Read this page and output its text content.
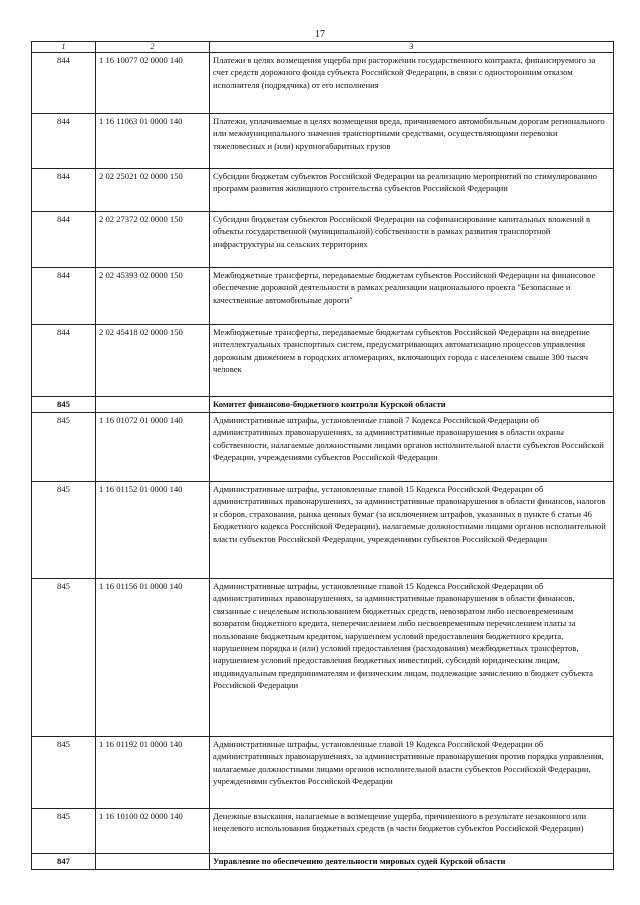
17
1	2	3
844	1 16 10077 02 0000 140	Платежи в целях возмещения ущерба при расторжении государственного контракта, финансируемого за счет средств дорожного фонда субъекта Российской Федерации, в связи с односторонним отказом исполнителя (подрядчика) от его исполнения
844	1 16 11063 01 0000 140	Платежи, уплачиваемые в целях возмещения вреда, причиняемого автомобильным дорогам регионального или межмуниципального значения транспортными средствами, осуществляющими перевозки тяжеловесных и (или) крупногабаритных грузов
844	2 02 25021 02 0000 150	Субсидии бюджетам субъектов Российской Федерации на реализацию мероприятий по стимулированию программ развития жилищного строительства субъектов Российской Федерации
844	2 02 27372 02 0000 150	Субсидии бюджетам субъектов Российской Федерации на софинансирование капитальных вложений в объекты государственной (муниципальной) собственности в рамках развития транспортной инфраструктуры на сельских территориях
844	2 02 45393 02 0000 150	Межбюджетные трансферты, передаваемые бюджетам субъектов Российской Федерации на финансовое обеспечение дорожной деятельности в рамках реализации национального проекта "Безопасные и качественные автомобильные дороги"
844	2 02 45418 02 0000 150	Межбюджетные трансферты, передаваемые бюджетам субъектов Российской Федерации на внедрение интеллектуальных транспортных систем, предусматривающих автоматизацию процессов управления дорожным движением в городских агломерациях, включающих города с населением свыше 300 тысяч человек
845		Комитет финансово-бюджетного контроля Курской области
845	1 16 01072 01 0000 140	Административные штрафы, установленные главой 7 Кодекса Российской Федерации об административных правонарушениях, за административные правонарушения в области охраны собственности, налагаемые должностными лицами органов исполнительной власти субъектов Российской Федерации, учреждениями субъектов Российской Федерации
845	1 16 01152 01 0000 140	Административные штрафы, установленные главой 15 Кодекса Российской Федерации об административных правонарушениях, за административные правонарушения в области финансов, налогов и сборов, страхования, рынка ценных бумаг (за исключением штрафов, указанных в пункте 6 статьи 46 Бюджетного кодекса Российской Федерации), налагаемые должностными лицами органов исполнительной власти субъектов Российской Федерации, учреждениями субъектов Российской Федерации
845	1 16 01156 01 0000 140	Административные штрафы, установленные главой 15 Кодекса Российской Федерации об административных правонарушениях, за административные правонарушения в области финансов, связанные с нецелевым использованием бюджетных средств, невозвратом либо несвоевременным возвратом бюджетного кредита, неперечислением либо несвоевременным перечислением платы за пользование бюджетным кредитом, нарушением условий предоставления бюджетного кредита, нарушением порядка и (или) условий предоставления (расходования) межбюджетных трансфертов, нарушением условий предоставления бюджетных инвестиций, субсидий юридическим лицам, индивидуальным предпринимателям и физическим лицам, подлежащие зачислению в бюджет субъекта Российской Федерации
845	1 16 01192 01 0000 140	Административные штрафы, установленные главой 19 Кодекса Российской Федерации об административных правонарушениях, за административные правонарушения против порядка управления, налагаемые должностными лицами органов исполнительной власти субъектов Российской Федерации, учреждениями субъектов Российской Федерации
845	1 16 10100 02 0000 140	Денежные взыскания, налагаемые в возмещение ущерба, причиненного в результате незаконного или нецелевого использования бюджетных средств (в части бюджетов субъектов Российской Федерации)
847		Управление по обеспечению деятельности мировых судей Курской области
